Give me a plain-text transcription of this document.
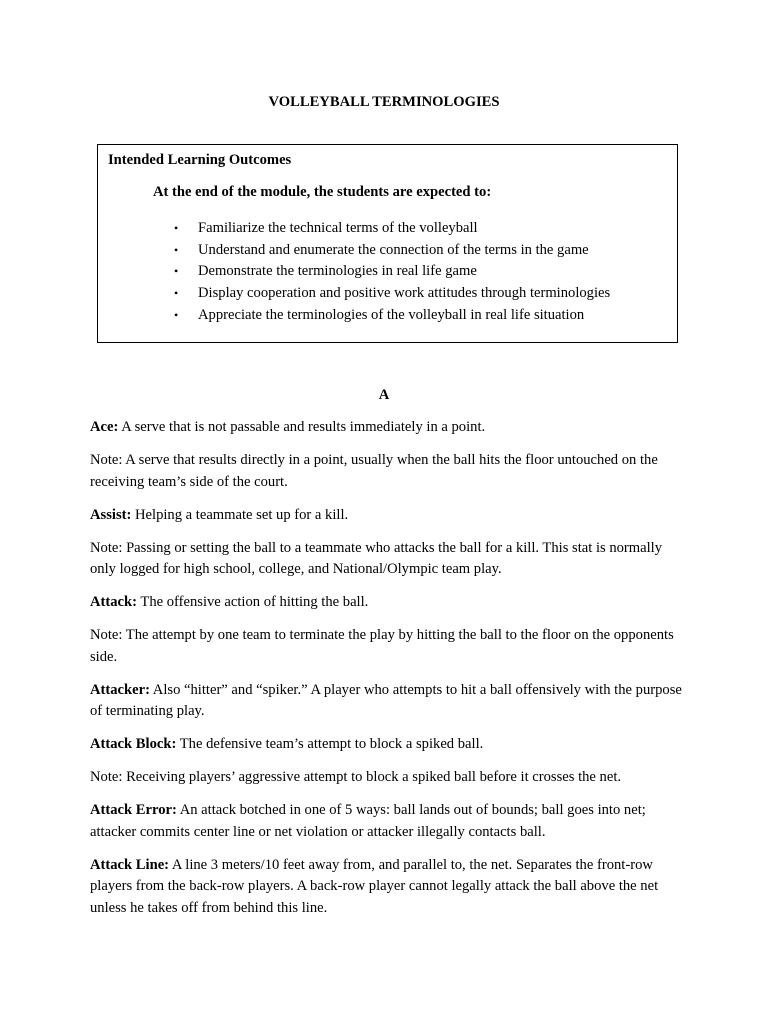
VOLLEYBALL TERMINOLOGIES
Intended Learning Outcomes
At the end of the module, the students are expected to:
• Familiarize the technical terms of the volleyball
• Understand and enumerate the connection of the terms in the game
• Demonstrate the terminologies in real life game
• Display cooperation and positive work attitudes through terminologies
• Appreciate the terminologies of the volleyball in real life situation
A

Ace: A serve that is not passable and results immediately in a point.

Note: A serve that results directly in a point, usually when the ball hits the floor untouched on the receiving team’s side of the court.

Assist: Helping a teammate set up for a kill.

Note: Passing or setting the ball to a teammate who attacks the ball for a kill. This stat is normally only logged for high school, college, and National/Olympic team play.

Attack: The offensive action of hitting the ball.

Note: The attempt by one team to terminate the play by hitting the ball to the floor on the opponents side.

Attacker: Also “hitter” and “spiker.” A player who attempts to hit a ball offensively with the purpose of terminating play.

Attack Block: The defensive team’s attempt to block a spiked ball.

Note: Receiving players’ aggressive attempt to block a spiked ball before it crosses the net.

Attack Error: An attack botched in one of 5 ways: ball lands out of bounds; ball goes into net; attacker commits center line or net violation or attacker illegally contacts ball.

Attack Line: A line 3 meters/10 feet away from, and parallel to, the net. Separates the front-row players from the back-row players. A back-row player cannot legally attack the ball above the net unless he takes off from behind this line.
